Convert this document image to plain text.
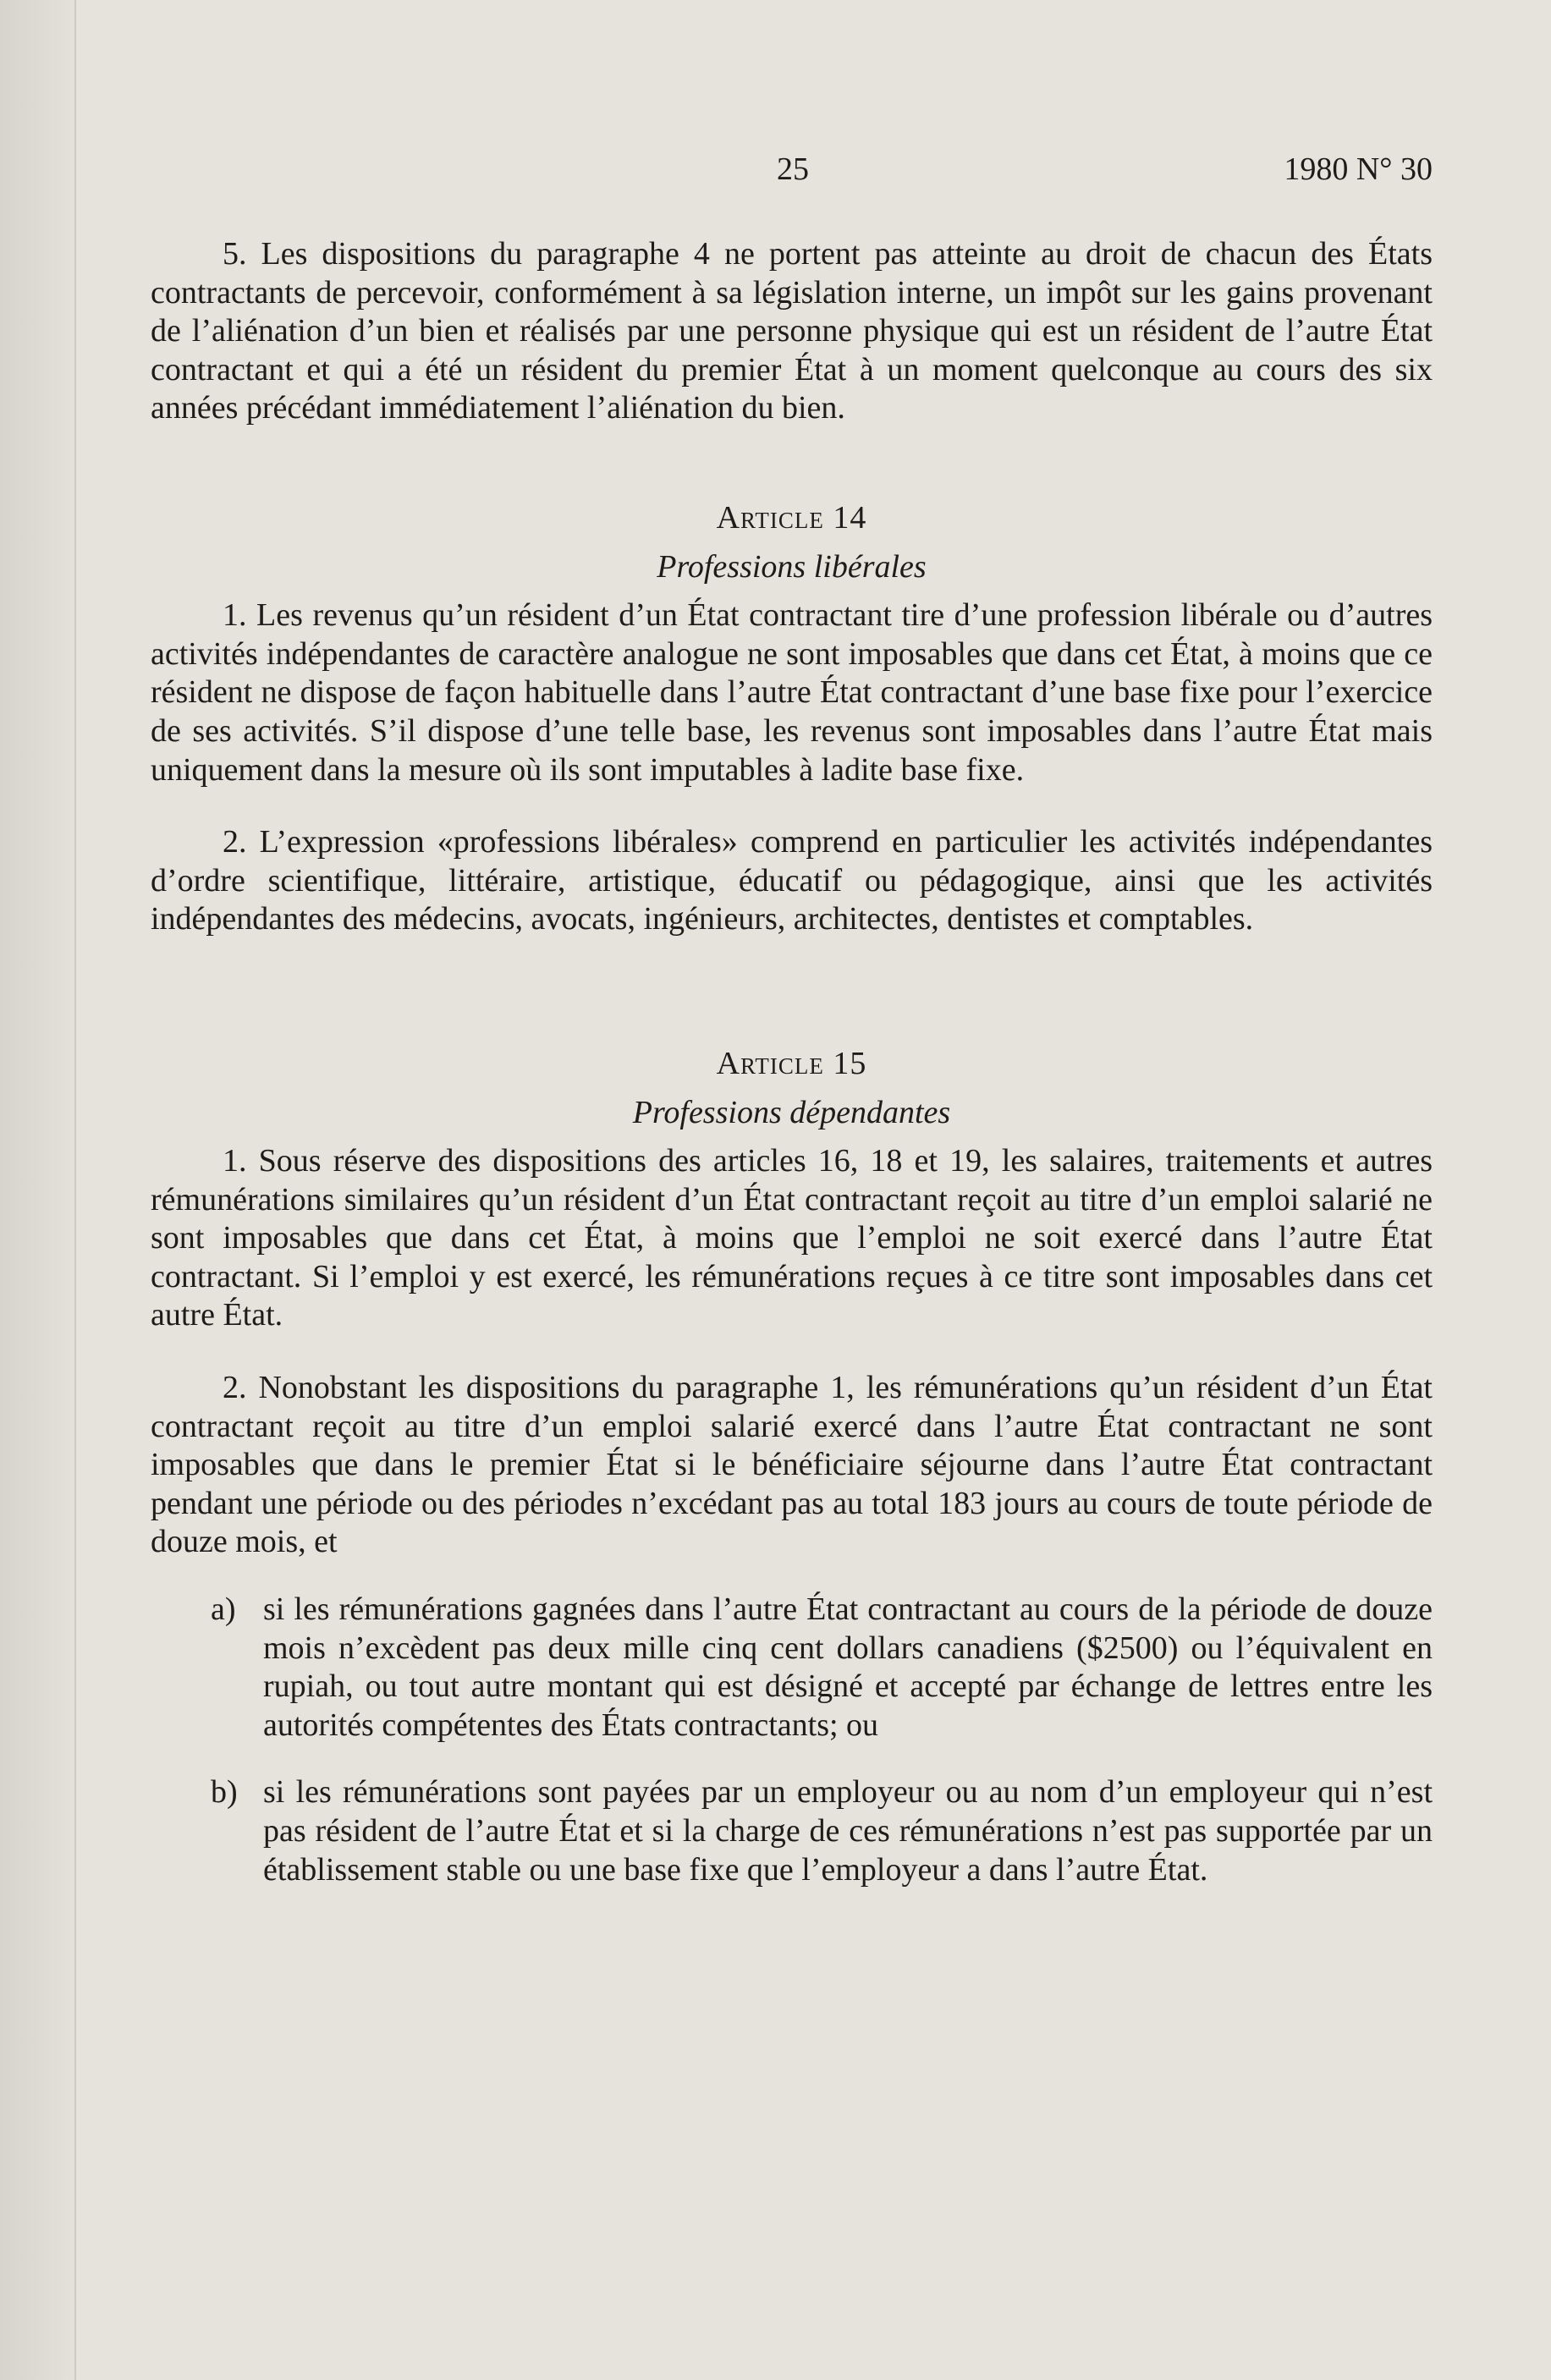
25	1980 N° 30

5. Les dispositions du paragraphe 4 ne portent pas atteinte au droit de chacun des États contractants de percevoir, conformément à sa législation interne, un impôt sur les gains provenant de l’aliénation d’un bien et réalisés par une personne physique qui est un résident de l’autre État contractant et qui a été un résident du premier État à un moment quelconque au cours des six années précédant immédiatement l’aliénation du bien.

Article 14

Professions libérales

1. Les revenus qu’un résident d’un État contractant tire d’une profession libérale ou d’autres activités indépendantes de caractère analogue ne sont imposables que dans cet État, à moins que ce résident ne dispose de façon habituelle dans l’autre État contractant d’une base fixe pour l’exercice de ses activités. S’il dispose d’une telle base, les revenus sont imposables dans l’autre État mais uniquement dans la mesure où ils sont imputables à ladite base fixe.

2. L’expression «professions libérales» comprend en particulier les activités indépendantes d’ordre scientifique, littéraire, artistique, éducatif ou pédagogique, ainsi que les activités indépendantes des médecins, avocats, ingénieurs, architectes, dentistes et comptables.

Article 15

Professions dépendantes

1. Sous réserve des dispositions des articles 16, 18 et 19, les salaires, traitements et autres rémunérations similaires qu’un résident d’un État contractant reçoit au titre d’un emploi salarié ne sont imposables que dans cet État, à moins que l’emploi ne soit exercé dans l’autre État contractant. Si l’emploi y est exercé, les rémunérations reçues à ce titre sont imposables dans cet autre État.

2. Nonobstant les dispositions du paragraphe 1, les rémunérations qu’un résident d’un État contractant reçoit au titre d’un emploi salarié exercé dans l’autre État contractant ne sont imposables que dans le premier État si le bénéficiaire séjourne dans l’autre État contractant pendant une période ou des périodes n’excédant pas au total 183 jours au cours de toute période de douze mois, et

a) si les rémunérations gagnées dans l’autre État contractant au cours de la période de douze mois n’excèdent pas deux mille cinq cent dollars canadiens ($2500) ou l’équivalent en rupiah, ou tout autre montant qui est désigné et accepté par échange de lettres entre les autorités compétentes des États contractants; ou

b) si les rémunérations sont payées par un employeur ou au nom d’un employeur qui n’est pas résident de l’autre État et si la charge de ces rémunérations n’est pas supportée par un établissement stable ou une base fixe que l’employeur a dans l’autre État.
